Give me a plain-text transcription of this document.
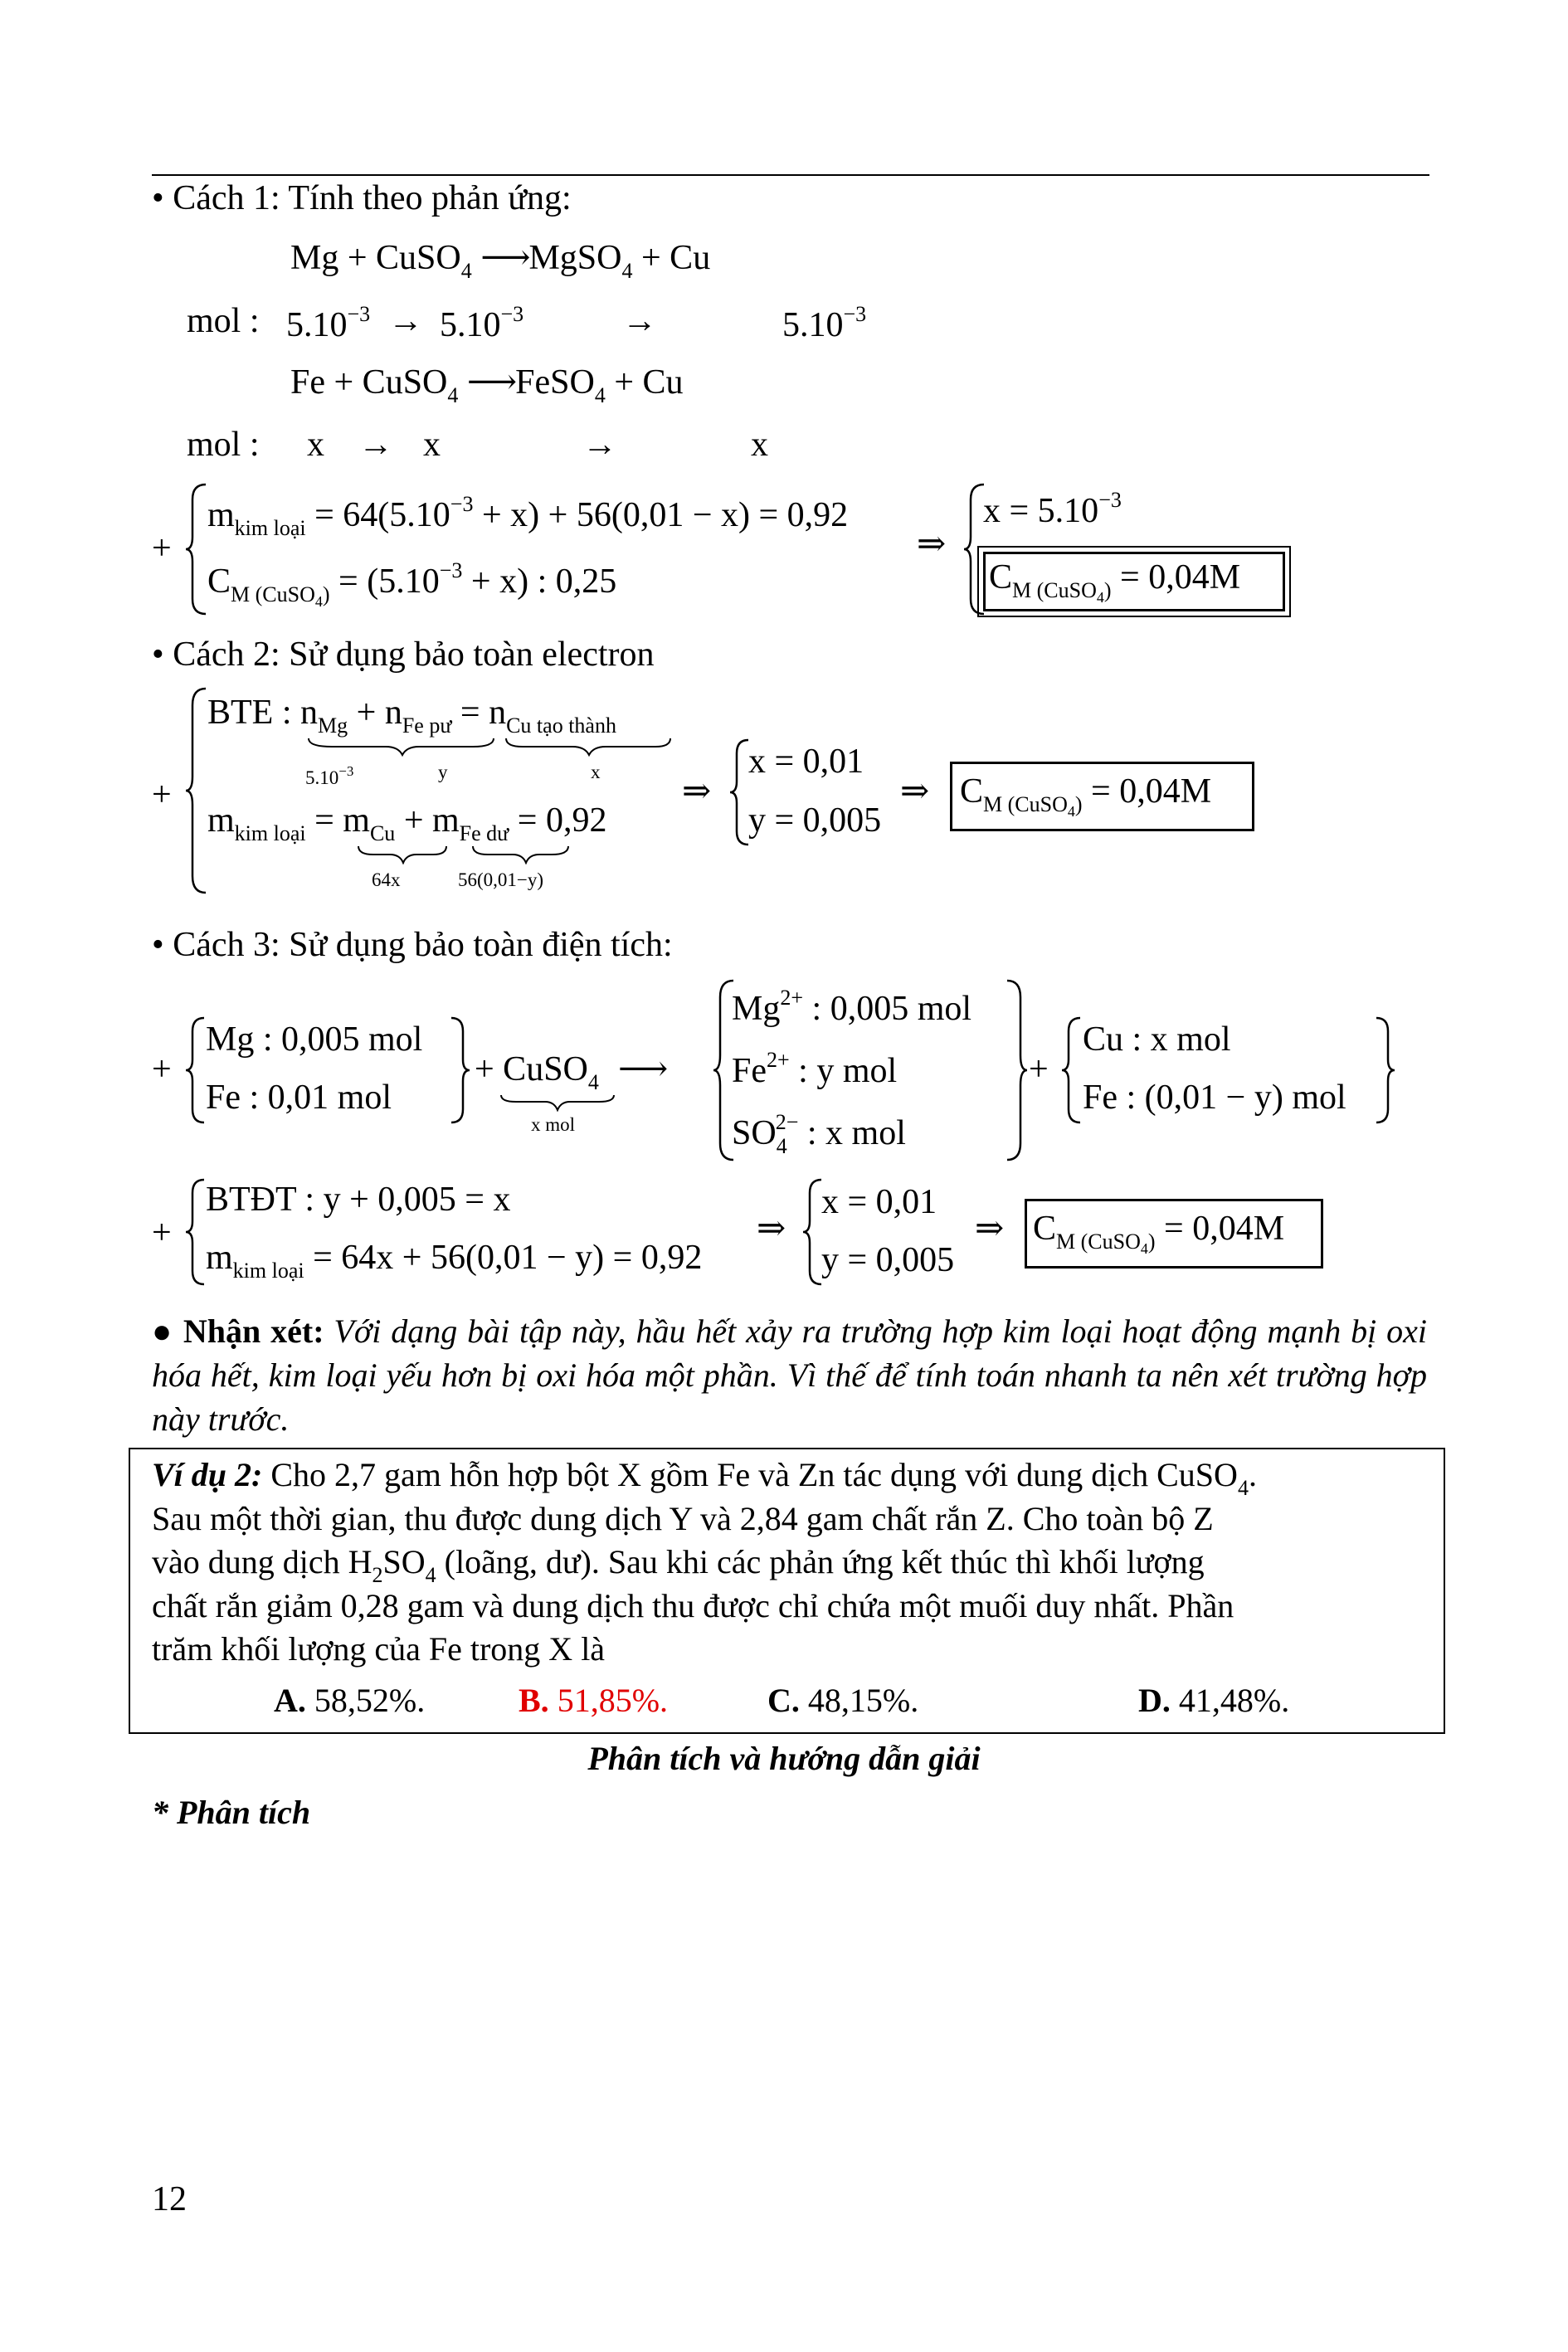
• Cách 1: Tính theo phản ứng:
Mg + CuSO$_4$ ⟶MgSO$_4$ + Cu
mol : $5.10^{-3} \to 5.10^{-3}$	→	$5.10^{-3}$
Fe + CuSO$_4$ ⟶FeSO$_4$ + Cu
mol : x → x	→	x
+
$m_{kim loại} = 64(5.10^{-3} + x) + 56(0,01 - x) = 0,92$
$C_{M (CuSO_4)} = (5.10^{-3} + x)$ : 0,25
⇒
$x = 5.10^{-3}$
$C_{M (CuSO_4)} = 0,04M$
• Cách 2: Sử dụng bảo toàn electron
+
BTE : $n_{Mg} + n_{Fe pư} = n_{Cu tạo thành}$
$5.10^{-3}$	y	x
$m_{kim loại} = m_{Cu} + m_{Fe dư} = 0,92$
64x	56(0,01−y)
⇒
x = 0,01
y = 0,005
⇒ $C_{M (CuSO_4)} = 0,04M$
• Cách 3: Sử dụng bảo toàn điện tích:
+
Mg : 0,005 mol
Fe : 0,01 mol
+ CuSO$_4$
x mol
⟶
$Mg^{2+}$ : 0,005 mol
$Fe^{2+}$ : y mol
$SO_4^{2-}$ : x mol
+
Cu : x mol
Fe : (0,01 − y) mol
+
BTĐT : y + 0,005 = x
$m_{kim loại} = 64x + 56(0,01 - y) = 0,92$
⇒
x = 0,01
y = 0,005
⇒ $C_{M (CuSO_4)} = 0,04M$
● Nhận xét: Với dạng bài tập này, hầu hết xảy ra trường hợp kim loại hoạt động mạnh bị oxi hóa hết, kim loại yếu hơn bị oxi hóa một phần. Vì thế để tính toán nhanh ta nên xét trường hợp này trước.
Ví dụ 2: Cho 2,7 gam hỗn hợp bột X gồm Fe và Zn tác dụng với dung dịch CuSO$_4$.
Sau một thời gian, thu được dung dịch Y và 2,84 gam chất rắn Z. Cho toàn bộ Z
vào dung dịch $H_2SO_4$ (loãng, dư). Sau khi các phản ứng kết thúc thì khối lượng
chất rắn giảm 0,28 gam và dung dịch thu được chỉ chứa một muối duy nhất. Phần
trăm khối lượng của Fe trong X là
A. 58,52%.	B. 51,85%.	C. 48,15%.	D. 41,48%.
Phân tích và hướng dẫn giải
* Phân tích
12
